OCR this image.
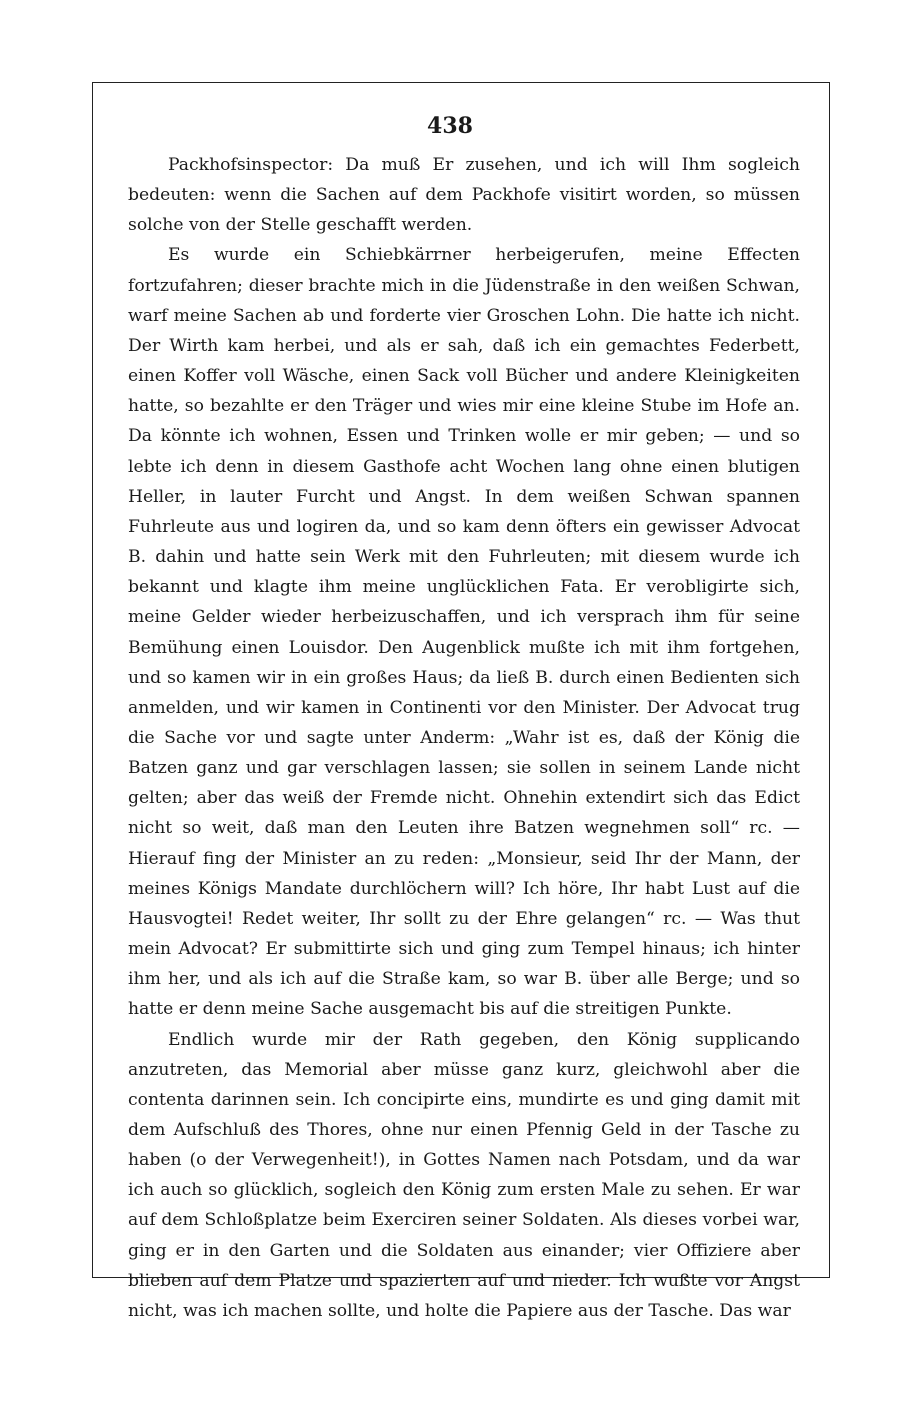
438

Packhofsinspector: Da muß Er zusehen, und ich will Ihm sogleich bedeuten: wenn die Sachen auf dem Packhofe visitirt worden, so müssen solche von der Stelle geschafft werden.

Es wurde ein Schiebkärrner herbeigerufen, meine Effecten fortzufahren; dieser brachte mich in die Jüdenstraße in den weißen Schwan, warf meine Sachen ab und forderte vier Groschen Lohn. Die hatte ich nicht. Der Wirth kam herbei, und als er sah, daß ich ein gemachtes Federbett, einen Koffer voll Wäsche, einen Sack voll Bücher und andere Kleinigkeiten hatte, so bezahlte er den Träger und wies mir eine kleine Stube im Hofe an. Da könnte ich wohnen, Essen und Trinken wolle er mir geben; — und so lebte ich denn in diesem Gasthofe acht Wochen lang ohne einen blutigen Heller, in lauter Furcht und Angst. In dem weißen Schwan spannen Fuhrleute aus und logiren da, und so kam denn öfters ein gewisser Advocat B. dahin und hatte sein Werk mit den Fuhrleuten; mit diesem wurde ich bekannt und klagte ihm meine unglücklichen Fata. Er verobligirte sich, meine Gelder wieder herbeizuschaffen, und ich versprach ihm für seine Bemühung einen Louisdor. Den Augenblick mußte ich mit ihm fortgehen, und so kamen wir in ein großes Haus; da ließ B. durch einen Bedienten sich anmelden, und wir kamen in Continenti vor den Minister. Der Advocat trug die Sache vor und sagte unter Anderm: „Wahr ist es, daß der König die Batzen ganz und gar verschlagen lassen; sie sollen in seinem Lande nicht gelten; aber das weiß der Fremde nicht. Ohnehin extendirt sich das Edict nicht so weit, daß man den Leuten ihre Batzen wegnehmen soll“ rc. — Hierauf fing der Minister an zu reden: „Monsieur, seid Ihr der Mann, der meines Königs Mandate durchlöchern will? Ich höre, Ihr habt Lust auf die Hausvogtei! Redet weiter, Ihr sollt zu der Ehre gelangen“ rc. — Was thut mein Advocat? Er submittirte sich und ging zum Tempel hinaus; ich hinter ihm her, und als ich auf die Straße kam, so war B. über alle Berge; und so hatte er denn meine Sache ausgemacht bis auf die streitigen Punkte.

Endlich wurde mir der Rath gegeben, den König supplicando anzutreten, das Memorial aber müsse ganz kurz, gleichwohl aber die contenta darinnen sein. Ich concipirte eins, mundirte es und ging damit mit dem Aufschluß des Thores, ohne nur einen Pfennig Geld in der Tasche zu haben (o der Verwegenheit!), in Gottes Namen nach Potsdam, und da war ich auch so glücklich, sogleich den König zum ersten Male zu sehen. Er war auf dem Schloßplatze beim Exerciren seiner Soldaten. Als dieses vorbei war, ging er in den Garten und die Soldaten aus einander; vier Offiziere aber blieben auf dem Platze und spazierten auf und nieder. Ich wußte vor Angst nicht, was ich machen sollte, und holte die Papiere aus der Tasche. Das war
